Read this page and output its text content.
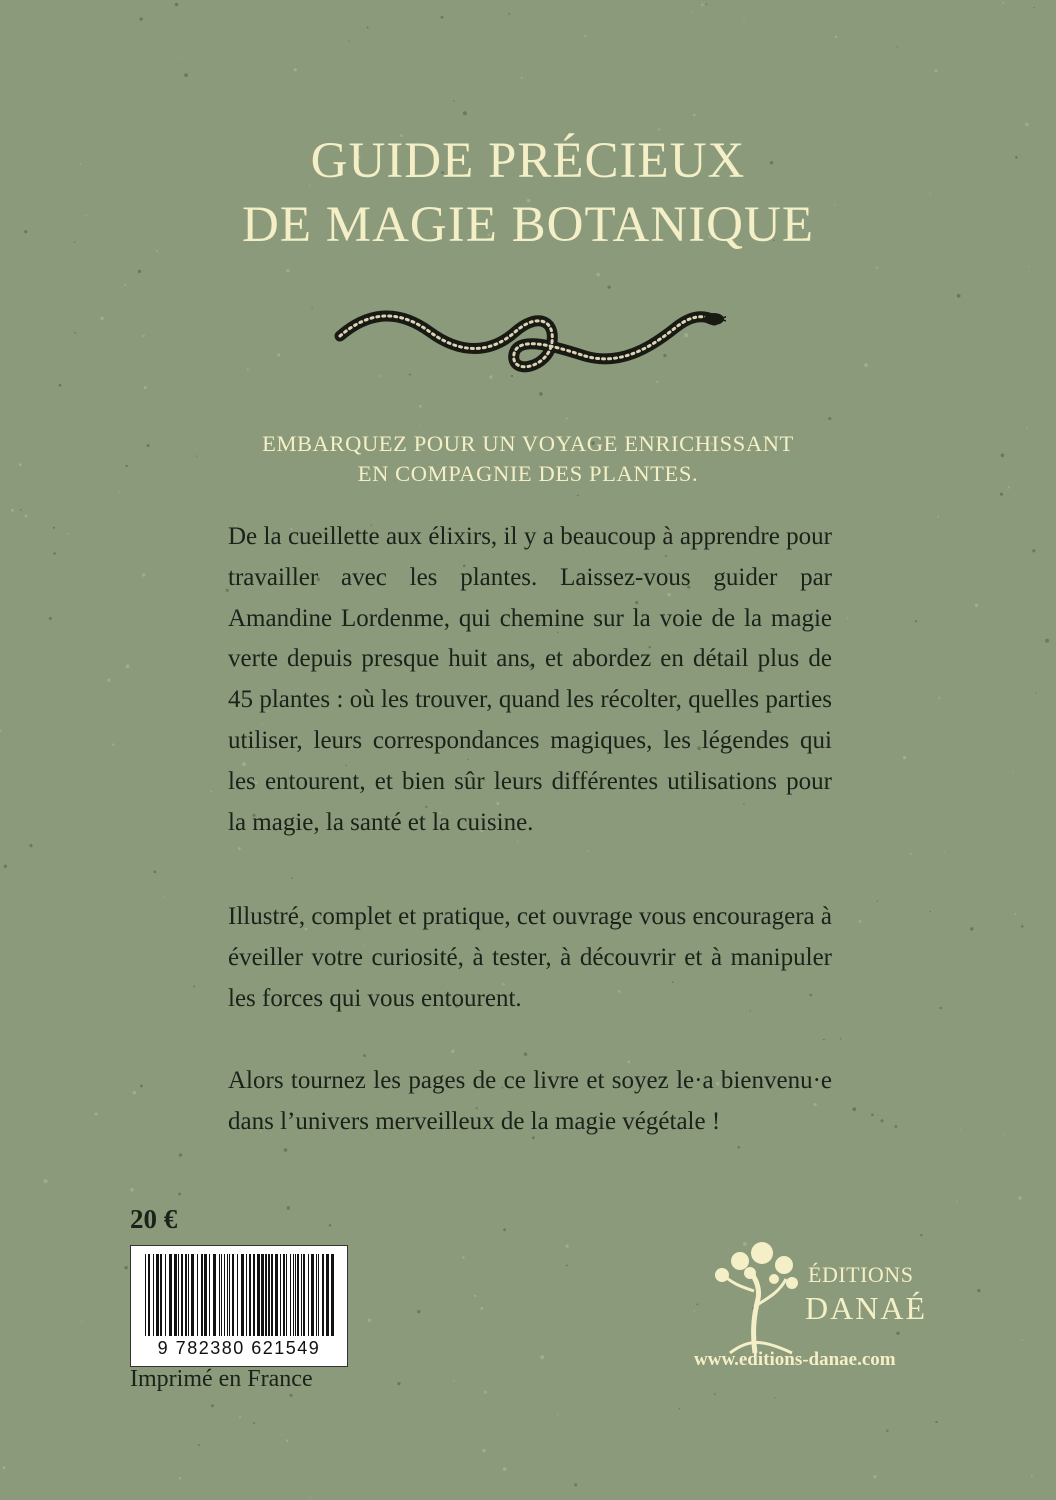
GUIDE PRÉCIEUX
DE MAGIE BOTANIQUE
EMBARQUEZ POUR UN VOYAGE ENRICHISSANT
EN COMPAGNIE DES PLANTES.

De la cueillette aux élixirs, il y a beaucoup à apprendre pour travailler avec les plantes. Laissez-vous guider par Amandine Lordenme, qui chemine sur la voie de la magie verte depuis presque huit ans, et abordez en détail plus de 45 plantes : où les trouver, quand les récolter, quelles parties utiliser, leurs correspondances magiques, les légendes qui les entourent, et bien sûr leurs différentes utilisations pour la magie, la santé et la cuisine.

Illustré, complet et pratique, cet ouvrage vous encouragera à éveiller votre curiosité, à tester, à découvrir et à manipuler les forces qui vous entourent.

Alors tournez les pages de ce livre et soyez le·a bienvenu·e dans l’univers merveilleux de la magie végétale !

20 €
9 782380 621549
Imprimé en France
ÉDITIONS
DANAÉ
www.editions-danae.com
